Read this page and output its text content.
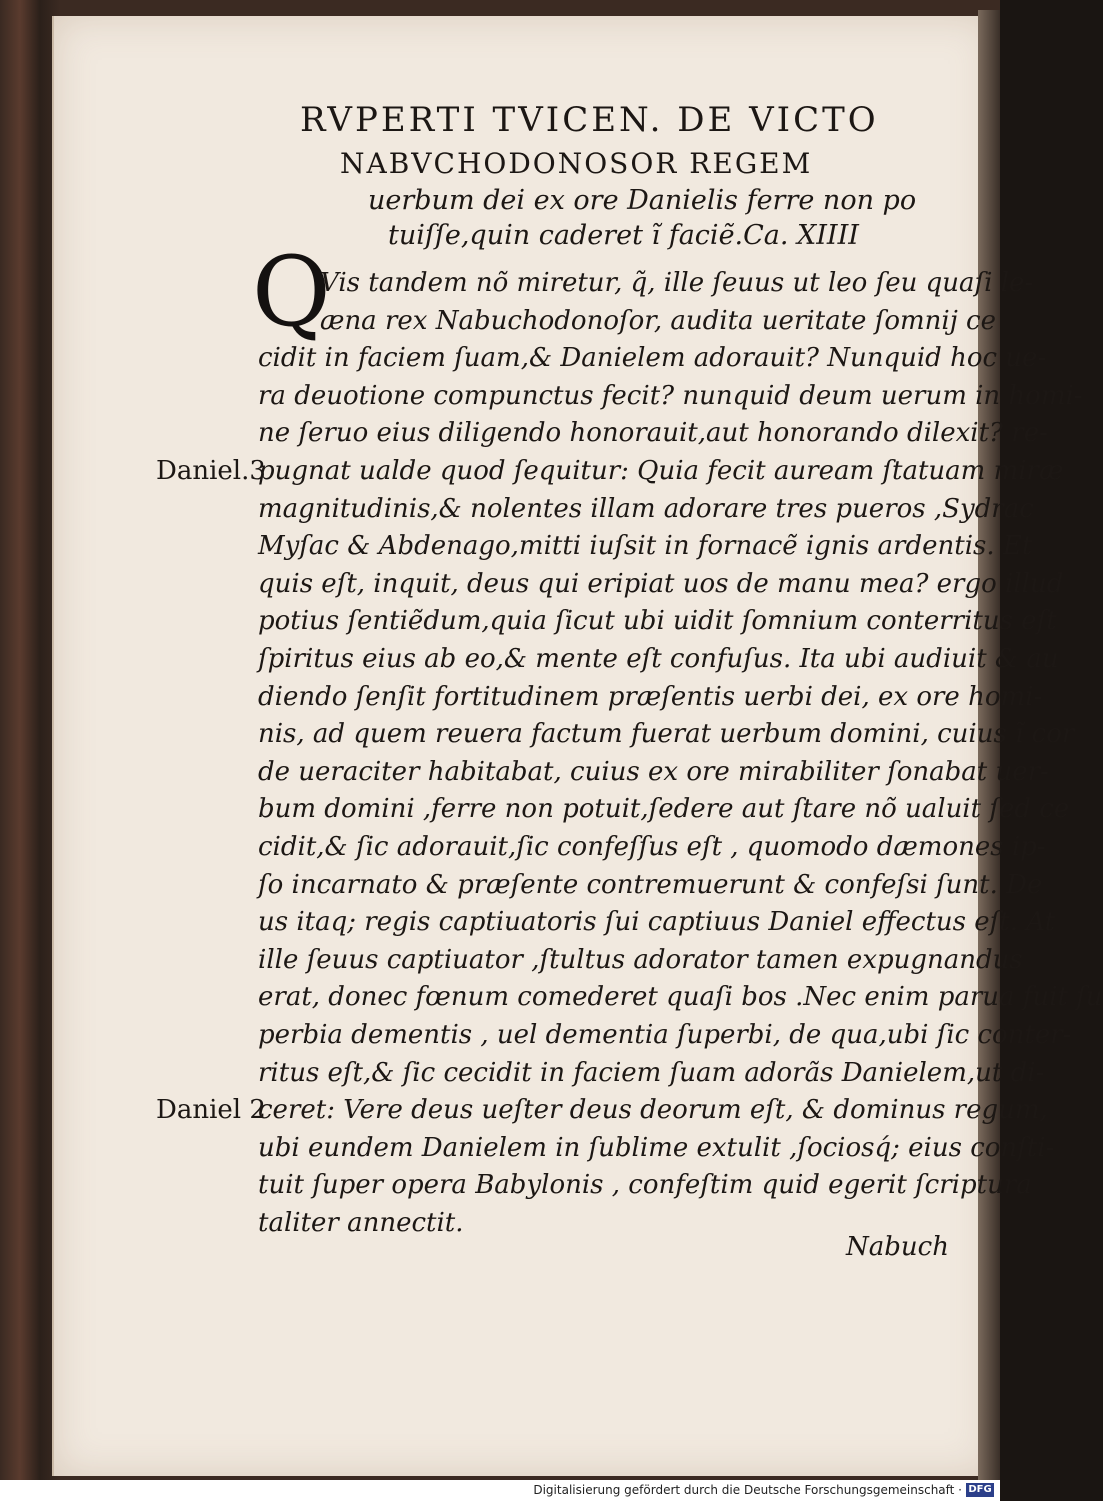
RVPERTI TVICEN. DE VICTO
NABVCHODONOSOR REGEM
uerbum dei ex ore Danielis ferre non po
tuiſſe,quin caderet ĩ faciẽ.Ca. XIIII
Q
Vis tandem nõ miretur, q̃, ille ſeuus ut leo ſeu quaſi le-
æna rex Nabuchodonoſor, audita ueritate ſomnij ce
cidit in faciem ſuam,& Danielem adorauit? Nunquid hoc ue-
ra deuotione compunctus fecit? nunquid deum uerum in homi-
ne ſeruo eius diligendo honorauit,aut honorando dilexit? re-
pugnat ualde quod ſequitur: Quia fecit auream ſtatuam miræ
magnitudinis,& nolentes illam adorare tres pueros ,Sydrac
Myſac & Abdenago,mitti iuſsit in fornacẽ ignis ardentis. Et
quis eſt, inquit, deus qui eripiat uos de manu mea? ergo illud
potius ſentiẽdum,quia ſicut ubi uidit ſomnium conterritus eſt
ſpiritus eius ab eo,& mente eſt confuſus. Ita ubi audiuit & au
diendo ſenſit fortitudinem præſentis uerbi dei, ex ore homi-
nis, ad quem reuera factum fuerat uerbum domini, cuius ĩ cor
de ueraciter habitabat, cuius ex ore mirabiliter ſonabat uer-
bum domini ,ferre non potuit,ſedere aut ſtare nõ ualuit ſed ce
cidit,& ſic adorauit,ſic confeſſus eſt , quomodo dæmones ip-
ſo incarnato & præſente contremuerunt & confeſsi ſunt. De
us itaq; regis captiuatoris ſui captiuus Daniel effectus eſt. At
ille ſeuus captiuator ,ſtultus adorator tamen expugnandus
erat, donec fœnum comederet quaſi bos .Nec enim parua fuit ſu
perbia dementis , uel dementia ſuperbi, de qua,ubi ſic conter-
ritus eſt,& ſic cecidit in faciem ſuam adorãs Danielem,ut di-
ceret: Vere deus ueſter deus deorum eſt, & dominus regum,
ubi eundem Danielem in ſublime extulit ,ſociosq́; eius conſti-
tuit ſuper opera Babylonis , confeſtim quid egerit ſcriptura
taliter annectit.
Daniel.3
Daniel 2
Nabuch
Digitalisierung gefördert durch die Deutsche Forschungsgemeinschaft · DFG
